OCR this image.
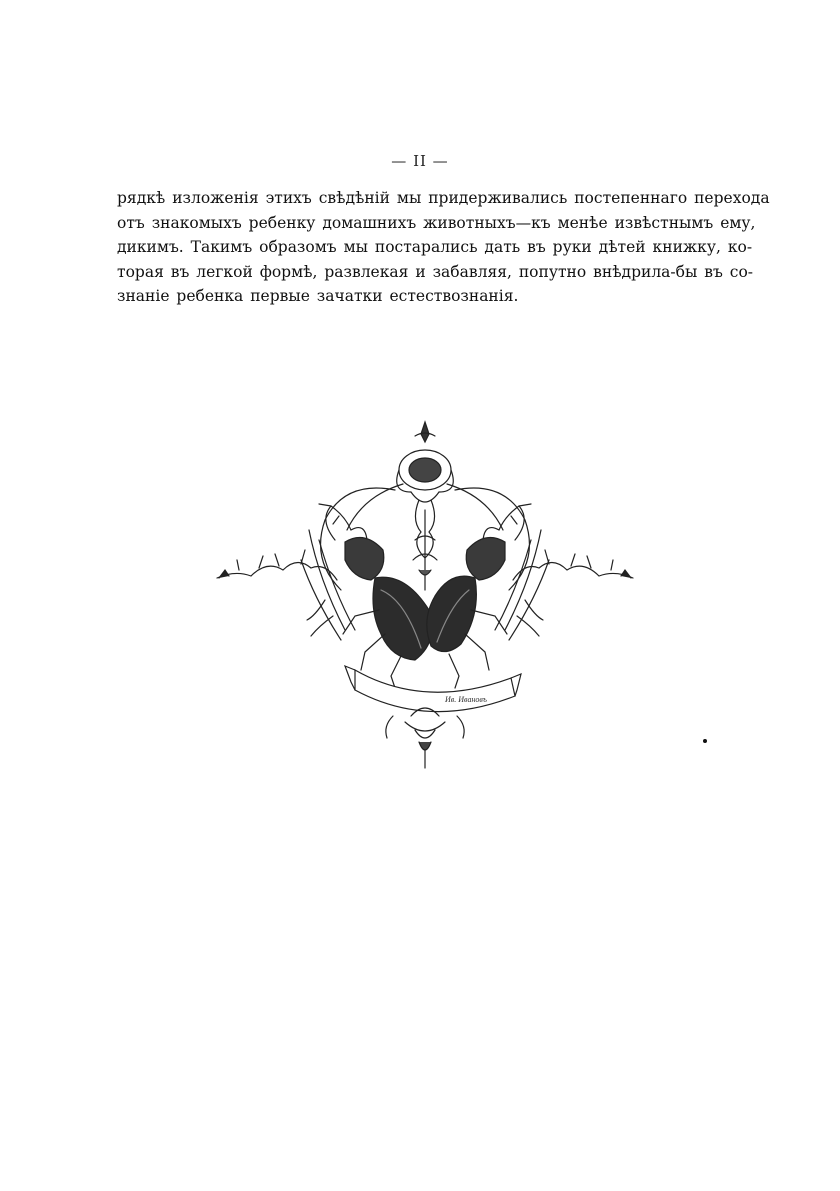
— II —
рядкѣ изложенія этихъ свѣдѣній мы придерживались постепеннаго перехода
отъ знакомыхъ ребенку домашнихъ животныхъ—къ менѣе извѣстнымъ ему,
дикимъ. Такимъ образомъ мы постарались дать въ руки дѣтей книжку, ко-
торая въ легкой формѣ, развлекая и забавляя, попутно внѣдрила-бы въ со-
знаніе ребенка первые зачатки естествознанія.
Ив. Ивановъ
